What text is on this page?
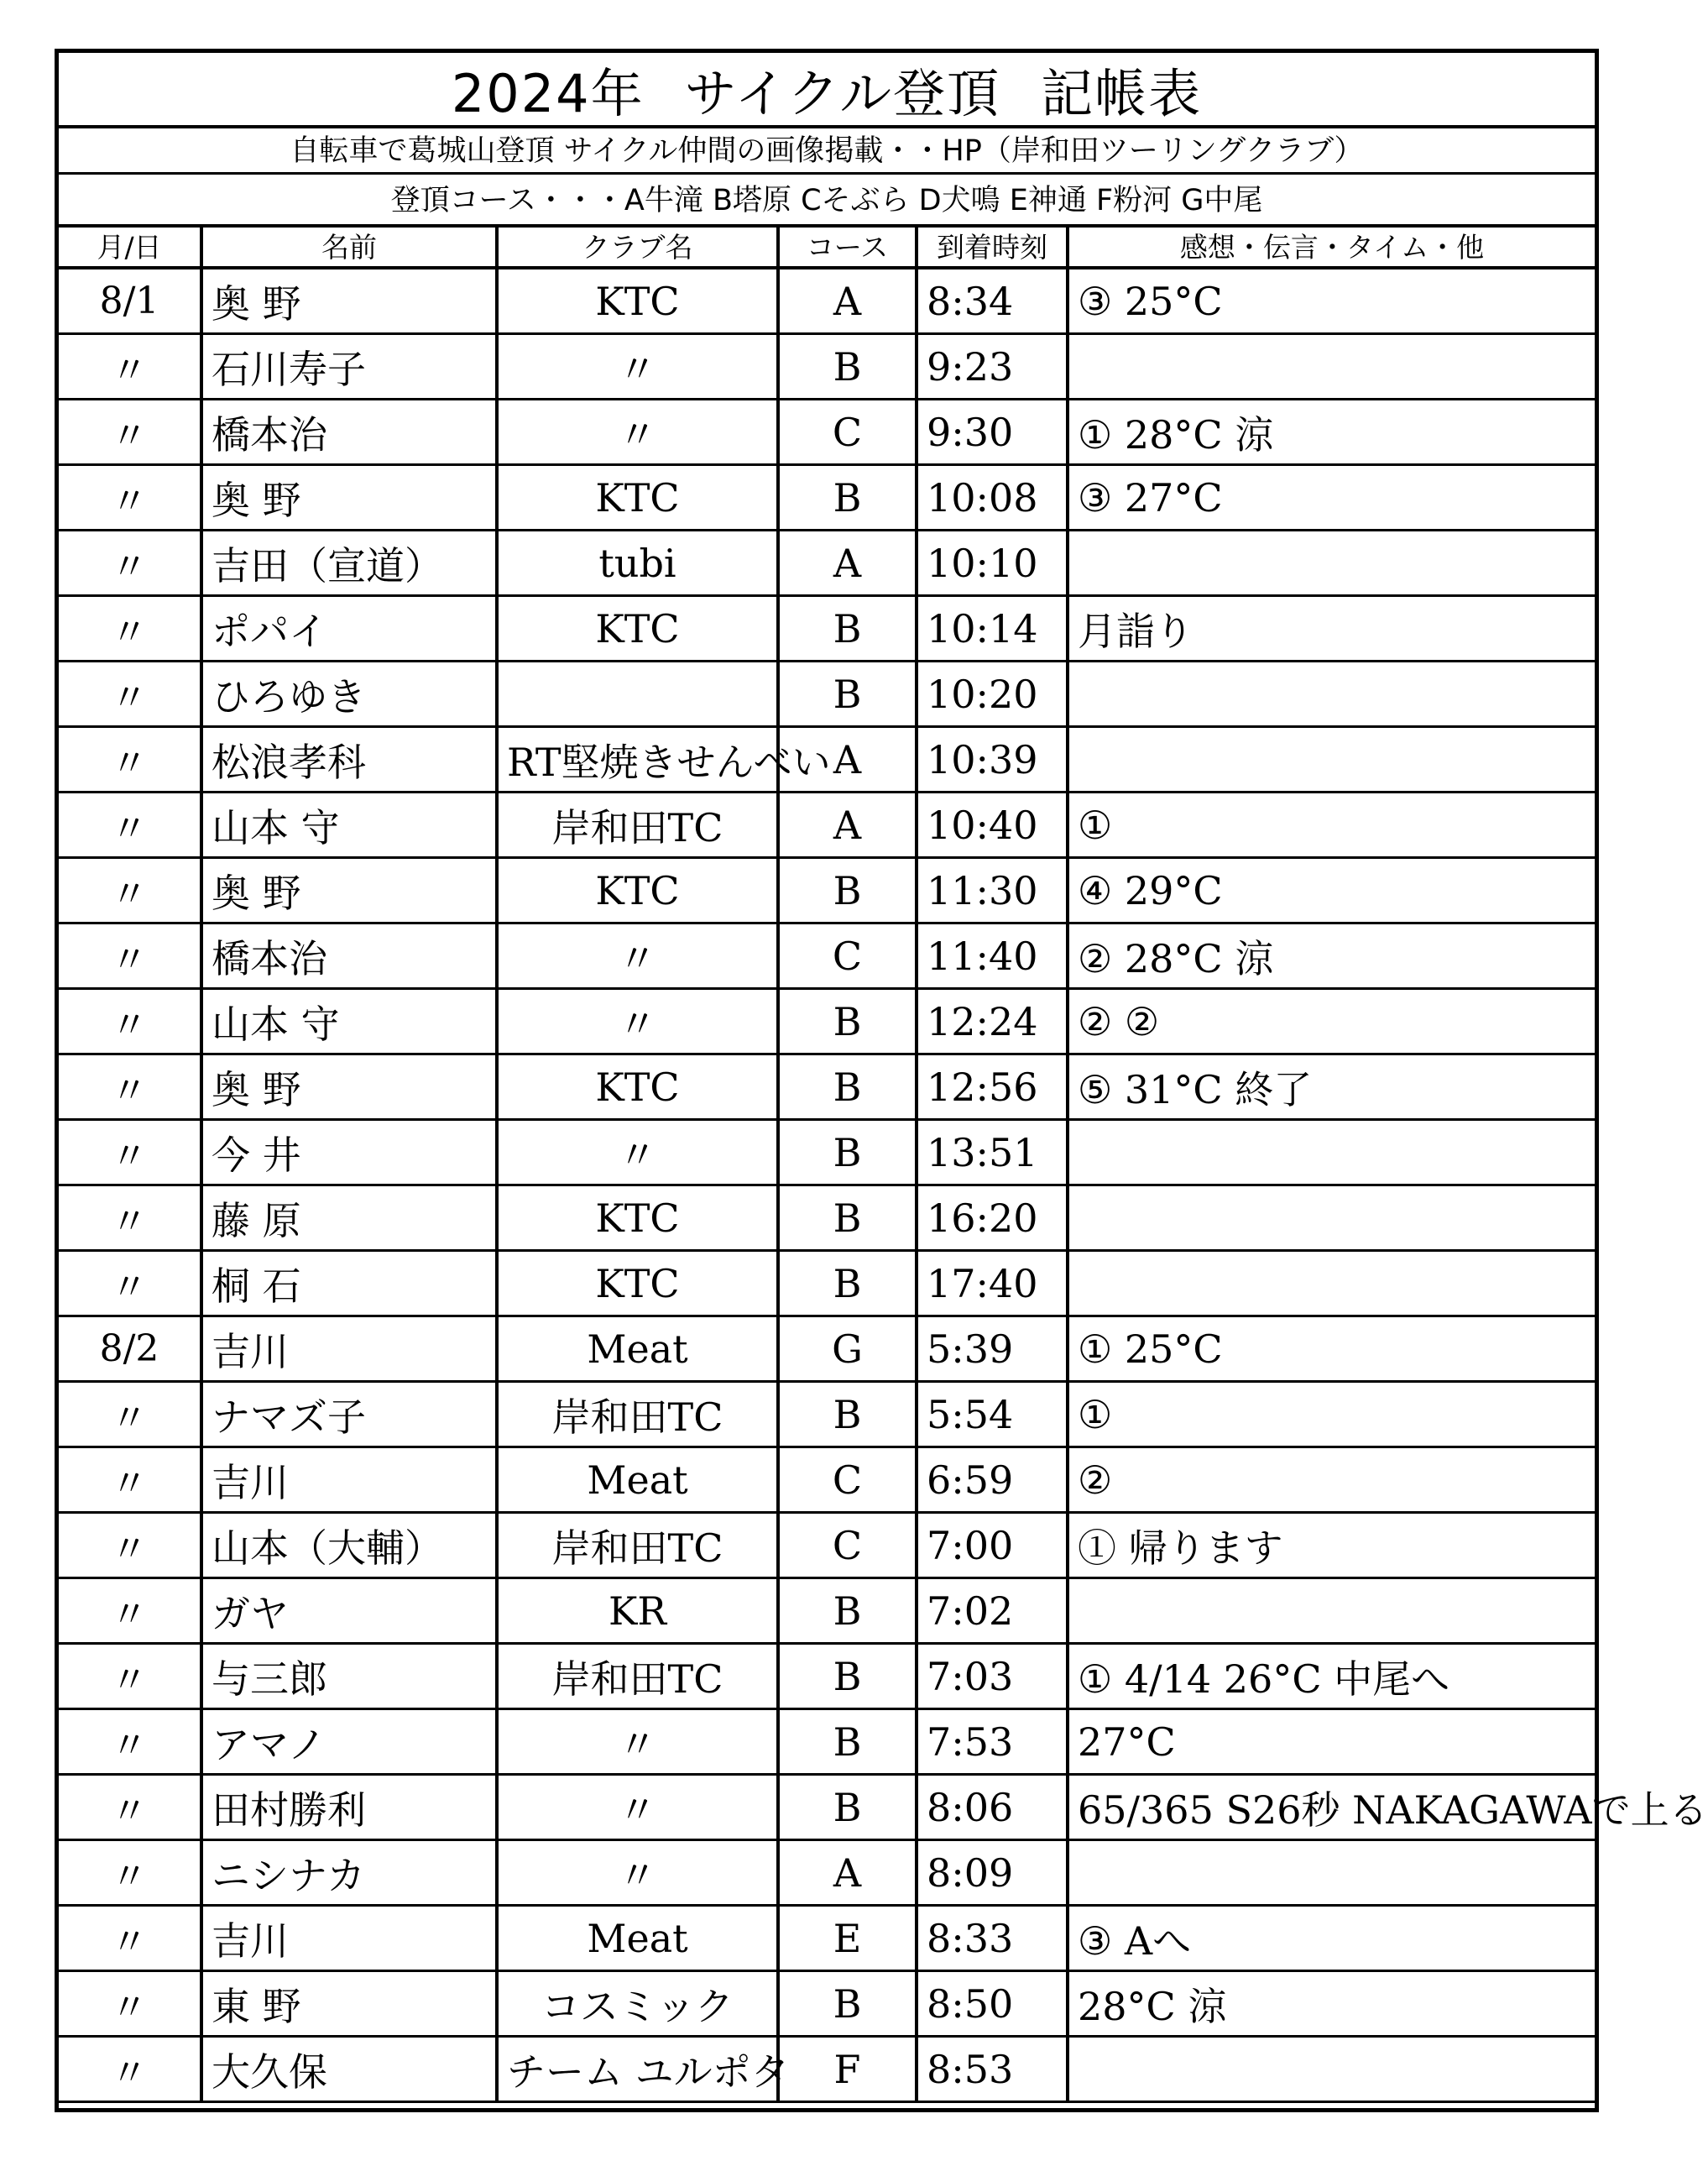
2024年 サイクル登頂 記帳表
自転車で葛城山登頂 サイクル仲間の画像掲載・・HP（岸和田ツーリングクラブ）
登頂コース・・・A牛滝 B塔原 Cそぶら D犬鳴 E神通 F粉河 G中尾
月/日	名前	クラブ名	コース	到着時刻	感想・伝言・タイム・他
8/1	奥 野	KTC	A	8:34	③ 25°C
〃	石川寿子	〃	B	9:23	
〃	橋本治	〃	C	9:30	① 28°C 涼
〃	奥 野	KTC	B	10:08	③ 27°C
〃	吉田（宣道）	tubi	A	10:10	
〃	ポパイ	KTC	B	10:14	月詣り
〃	ひろゆき		B	10:20	
〃	松浪孝科	RT堅焼きせんべい	A	10:39	
〃	山本 守	岸和田TC	A	10:40	①
〃	奥 野	KTC	B	11:30	④ 29°C
〃	橋本治	〃	C	11:40	② 28°C 涼
〃	山本 守	〃	B	12:24	② ②
〃	奥 野	KTC	B	12:56	⑤ 31°C 終了
〃	今 井	〃	B	13:51	
〃	藤 原	KTC	B	16:20	
〃	桐 石	KTC	B	17:40	
8/2	吉川	Meat	G	5:39	① 25°C
〃	ナマズ子	岸和田TC	B	5:54	①
〃	吉川	Meat	C	6:59	②
〃	山本（大輔）	岸和田TC	C	7:00	① 帰ります
〃	ガヤ	KR	B	7:02	
〃	与三郎	岸和田TC	B	7:03	① 4/14 26°C 中尾へ
〃	アマノ	〃	B	7:53	27°C
〃	田村勝利	〃	B	8:06	65/365 S26秒 NAKAGAWAで上る
〃	ニシナカ	〃	A	8:09	
〃	吉川	Meat	E	8:33	③ Aへ
〃	東 野	コスミック	B	8:50	28°C 涼
〃	大久保	チーム ユルポタ	F	8:53	
